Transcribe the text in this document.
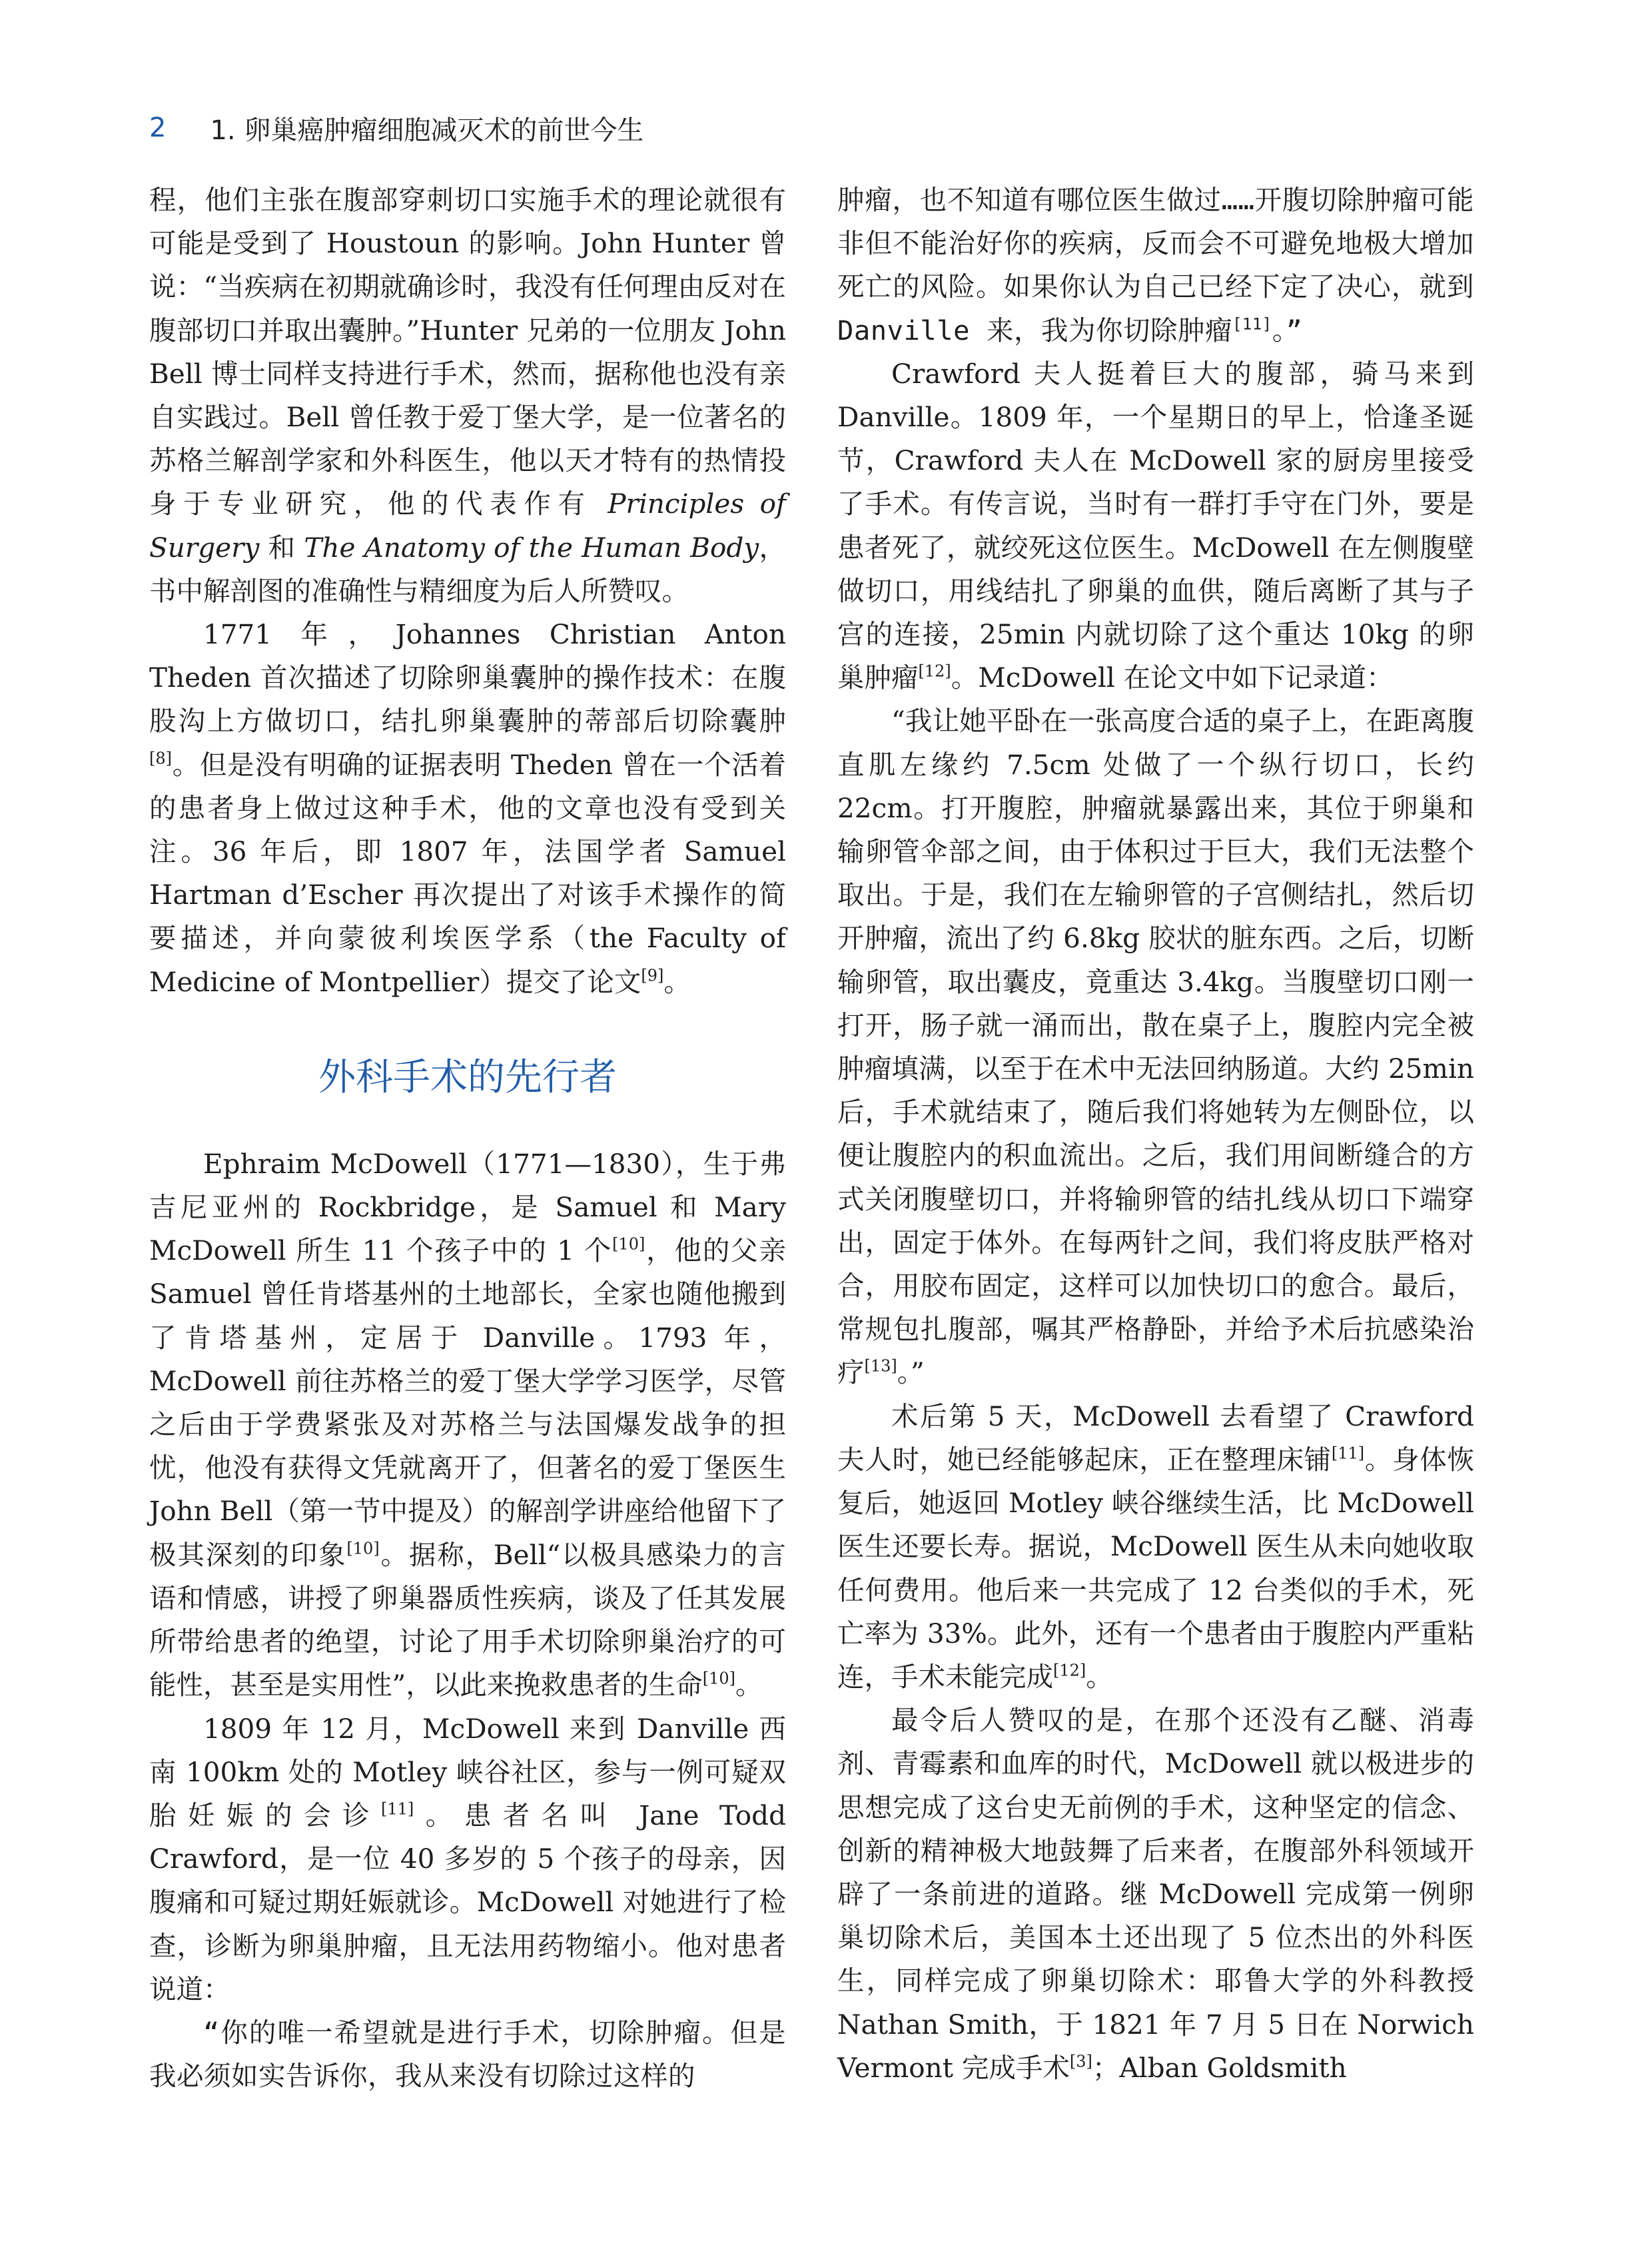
2 1. 卵巢癌肿瘤细胞减灭术的前世今生

程，他们主张在腹部穿刺切口实施手术的理论就很有可能是受到了 Houstoun 的影响。John Hunter 曾说：“当疾病在初期就确诊时，我没有任何理由反对在腹部切口并取出囊肿。”Hunter 兄弟的一位朋友 John Bell 博士同样支持进行手术，然而，据称他也没有亲自实践过。Bell 曾任教于爱丁堡大学，是一位著名的苏格兰解剖学家和外科医生，他以天才特有的热情投身于专业研究，他的代表作有 Principles of Surgery 和 The Anatomy of the Human Body，书中解剖图的准确性与精细度为后人所赞叹。

1771 年，Johannes Christian Anton Theden 首次描述了切除卵巢囊肿的操作技术：在腹股沟上方做切口，结扎卵巢囊肿的蒂部后切除囊肿[8]。但是没有明确的证据表明 Theden 曾在一个活着的患者身上做过这种手术，他的文章也没有受到关注。36 年后，即 1807 年，法国学者 Samuel Hartman d’Escher 再次提出了对该手术操作的简要描述，并向蒙彼利埃医学系（the Faculty of Medicine of Montpellier）提交了论文[9]。

外科手术的先行者

Ephraim McDowell（1771—1830），生于弗吉尼亚州的 Rockbridge，是 Samuel 和 Mary McDowell 所生 11 个孩子中的 1 个[10]，他的父亲 Samuel 曾任肯塔基州的土地部长，全家也随他搬到了肯塔基州，定居于 Danville。1793 年，McDowell 前往苏格兰的爱丁堡大学学习医学，尽管之后由于学费紧张及对苏格兰与法国爆发战争的担忧，他没有获得文凭就离开了，但著名的爱丁堡医生 John Bell（第一节中提及）的解剖学讲座给他留下了极其深刻的印象[10]。据称，Bell“以极具感染力的言语和情感，讲授了卵巢器质性疾病，谈及了任其发展所带给患者的绝望，讨论了用手术切除卵巢治疗的可能性，甚至是实用性”，以此来挽救患者的生命[10]。

1809 年 12 月，McDowell 来到 Danville 西南 100km 处的 Motley 峡谷社区，参与一例可疑双胎妊娠的会诊[11]。患者名叫 Jane Todd Crawford，是一位 40 多岁的 5 个孩子的母亲，因腹痛和可疑过期妊娠就诊。McDowell 对她进行了检查，诊断为卵巢肿瘤，且无法用药物缩小。他对患者说道：

“你的唯一希望就是进行手术，切除肿瘤。但是我必须如实告诉你，我从来没有切除过这样的

肿瘤，也不知道有哪位医生做过……开腹切除肿瘤可能非但不能治好你的疾病，反而会不可避免地极大增加死亡的风险。如果你认为自己已经下定了决心，就到 Danville 来，我为你切除肿瘤[11]。”

Crawford 夫人挺着巨大的腹部，骑马来到 Danville。1809 年，一个星期日的早上，恰逢圣诞节，Crawford 夫人在 McDowell 家的厨房里接受了手术。有传言说，当时有一群打手守在门外，要是患者死了，就绞死这位医生。McDowell 在左侧腹壁做切口，用线结扎了卵巢的血供，随后离断了其与子宫的连接，25min 内就切除了这个重达 10kg 的卵巢肿瘤[12]。McDowell 在论文中如下记录道：

“我让她平卧在一张高度合适的桌子上，在距离腹直肌左缘约 7.5cm 处做了一个纵行切口，长约 22cm。打开腹腔，肿瘤就暴露出来，其位于卵巢和输卵管伞部之间，由于体积过于巨大，我们无法整个取出。于是，我们在左输卵管的子宫侧结扎，然后切开肿瘤，流出了约 6.8kg 胶状的脏东西。之后，切断输卵管，取出囊皮，竟重达 3.4kg。当腹壁切口刚一打开，肠子就一涌而出，散在桌子上，腹腔内完全被肿瘤填满，以至于在术中无法回纳肠道。大约 25min 后，手术就结束了，随后我们将她转为左侧卧位，以便让腹腔内的积血流出。之后，我们用间断缝合的方式关闭腹壁切口，并将输卵管的结扎线从切口下端穿出，固定于体外。在每两针之间，我们将皮肤严格对合，用胶布固定，这样可以加快切口的愈合。最后，常规包扎腹部，嘱其严格静卧，并给予术后抗感染治疗[13]。”

术后第 5 天，McDowell 去看望了 Crawford 夫人时，她已经能够起床，正在整理床铺[11]。身体恢复后，她返回 Motley 峡谷继续生活，比 McDowell 医生还要长寿。据说，McDowell 医生从未向她收取任何费用。他后来一共完成了 12 台类似的手术，死亡率为 33%。此外，还有一个患者由于腹腔内严重粘连，手术未能完成[12]。

最令后人赞叹的是，在那个还没有乙醚、消毒剂、青霉素和血库的时代，McDowell 就以极进步的思想完成了这台史无前例的手术，这种坚定的信念、创新的精神极大地鼓舞了后来者，在腹部外科领域开辟了一条前进的道路。继 McDowell 完成第一例卵巢切除术后，美国本土还出现了 5 位杰出的外科医生，同样完成了卵巢切除术：耶鲁大学的外科教授 Nathan Smith，于 1821 年 7 月 5 日在 Norwich Vermont 完成手术[3]；Alban Goldsmith
